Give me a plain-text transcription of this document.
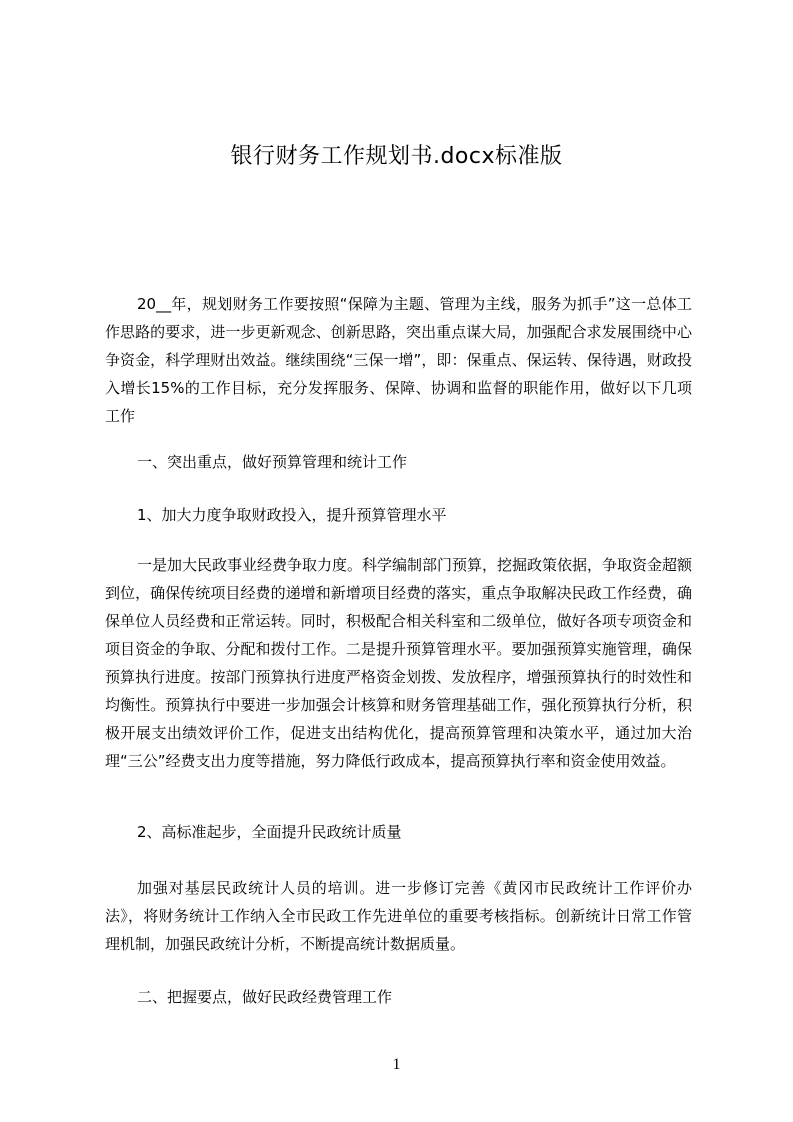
银行财务工作规划书.docx标准版
20__年，规划财务工作要按照“保障为主题、管理为主线，服务为抓手”这一总体工作思路的要求，进一步更新观念、创新思路，突出重点谋大局，加强配合求发展围绕中心争资金，科学理财出效益。继续围绕“三保一增”，即：保重点、保运转、保待遇，财政投入增长15%的工作目标，充分发挥服务、保障、协调和监督的职能作用，做好以下几项工作
一、突出重点，做好预算管理和统计工作
1、加大力度争取财政投入，提升预算管理水平
一是加大民政事业经费争取力度。科学编制部门预算，挖掘政策依据，争取资金超额到位，确保传统项目经费的递增和新增项目经费的落实，重点争取解决民政工作经费，确保单位人员经费和正常运转。同时，积极配合相关科室和二级单位，做好各项专项资金和项目资金的争取、分配和拨付工作。二是提升预算管理水平。要加强预算实施管理，确保预算执行进度。按部门预算执行进度严格资金划拨、发放程序，增强预算执行的时效性和均衡性。预算执行中要进一步加强会计核算和财务管理基础工作，强化预算执行分析，积极开展支出绩效评价工作，促进支出结构优化，提高预算管理和决策水平，通过加大治理“三公”经费支出力度等措施，努力降低行政成本，提高预算执行率和资金使用效益。
2、高标准起步，全面提升民政统计质量
加强对基层民政统计人员的培训。进一步修订完善《黄冈市民政统计工作评价办法》，将财务统计工作纳入全市民政工作先进单位的重要考核指标。创新统计日常工作管理机制，加强民政统计分析，不断提高统计数据质量。
二、把握要点，做好民政经费管理工作
1
